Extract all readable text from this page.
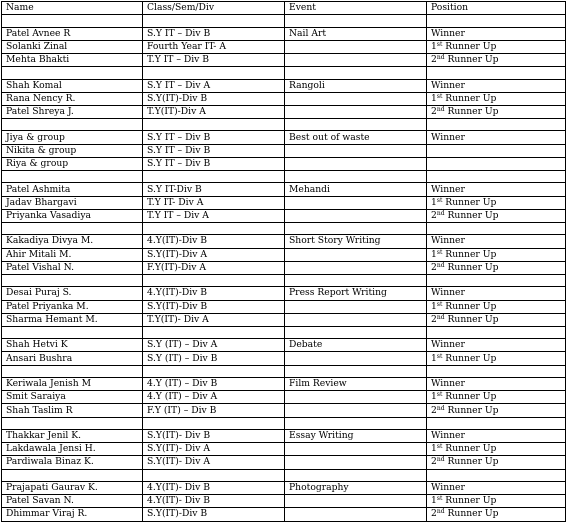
Name	Class/Sem/Div	Event	Position

Patel Avnee R	S.Y IT – Div B	Nail Art	Winner
Solanki Zinal	Fourth Year IT- A		1st Runner Up
Mehta Bhakti	T.Y IT – Div B		2nd Runner Up

Shah Komal	S.Y IT – Div A	Rangoli	Winner
Rana Nency R.	S.Y(IT)-Div B		1st Runner Up
Patel Shreya J.	T.Y(IT)-Div A		2nd Runner Up

Jiya & group	S.Y IT – Div B	Best out of waste	Winner
Nikita & group	S.Y IT – Div B		
Riya & group	S.Y IT – Div B		

Patel Ashmita	S.Y IT-Div B	Mehandi	Winner
Jadav Bhargavi	T.Y IT- Div A		1st Runner Up
Priyanka Vasadiya	T.Y IT – Div A		2nd Runner Up

Kakadiya Divya M.	4.Y(IT)-Div B	Short Story Writing	Winner
Ahir Mitali M.	S.Y(IT)-Div A		1st Runner Up
Patel Vishal N.	F.Y(IT)-Div A		2nd Runner Up

Desai Puraj S.	4.Y(IT)-Div B	Press Report Writing	Winner
Patel Priyanka M.	S.Y(IT)-Div B		1st Runner Up
Sharma Hemant M.	T.Y(IT)- Div A		2nd Runner Up

Shah Hetvi K	S.Y (IT) – Div A	Debate	Winner
Ansari Bushra	S.Y (IT) – Div B		1st Runner Up

Keriwala Jenish M	4.Y (IT) – Div B	Film Review	Winner
Smit Saraiya	4.Y (IT) – Div A		1st Runner Up
Shah Taslim R	F.Y (IT) – Div B		2nd Runner Up

Thakkar Jenil K.	S.Y(IT)- Div B	Essay Writing	Winner
Lakdawala Jensi H.	S.Y(IT)- Div A		1st Runner Up
Pardiwala Binaz K.	S.Y(IT)- Div A		2nd Runner Up

Prajapati Gaurav K.	4.Y(IT)- Div B	Photography	Winner
Patel Savan N.	4.Y(IT)- Div B		1st Runner Up
Dhimmar Viraj R.	S.Y(IT)-Div B		2nd Runner Up
